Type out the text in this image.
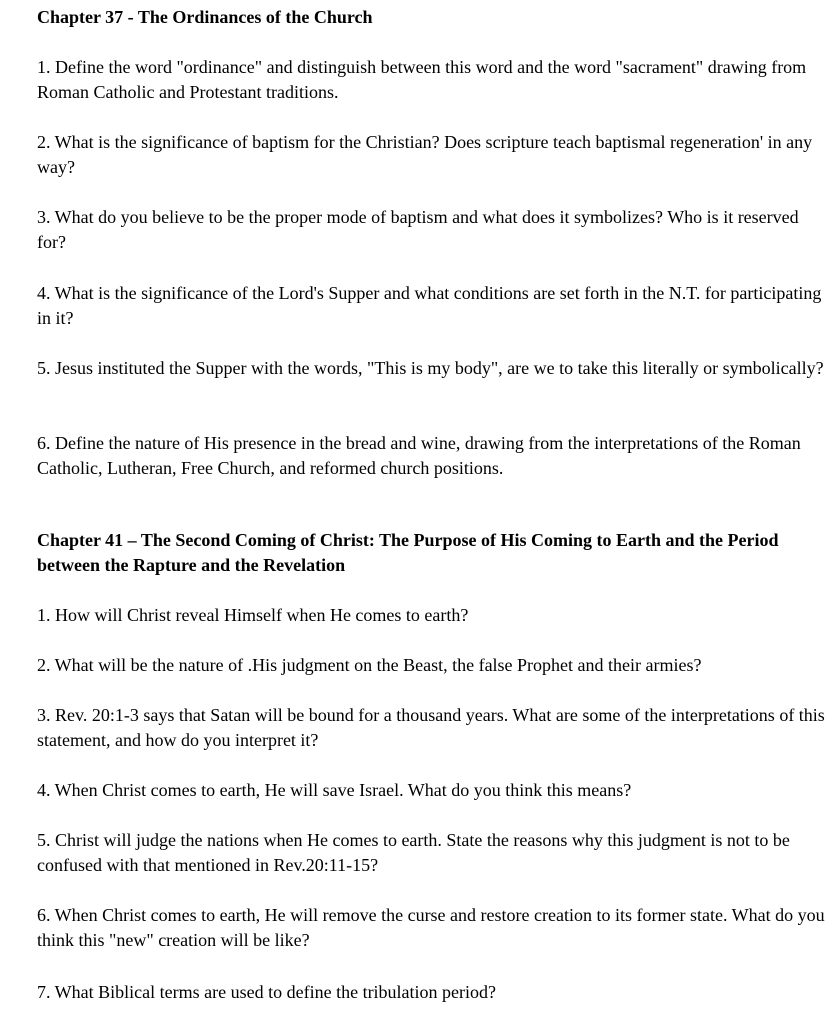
Chapter 37 - The Ordinances of the Church

1. Define the word "ordinance" and distinguish between this word and the word "sacrament" drawing from Roman Catholic and Protestant traditions.

2. What is the significance of baptism for the Christian? Does scripture teach baptismal regeneration' in any way?

3. What do you believe to be the proper mode of baptism and what does it symbolizes? Who is it reserved for?

4. What is the significance of the Lord's Supper and what conditions are set forth in the N.T. for participating in it?

5. Jesus instituted the Supper with the words, "This is my body", are we to take this literally or symbolically?

6. Define the nature of His presence in the bread and wine, drawing from the interpretations of the Roman Catholic, Lutheran, Free Church, and reformed church positions.

Chapter 41 – The Second Coming of Christ: The Purpose of His Coming to Earth and the Period between the Rapture and the Revelation

1. How will Christ reveal Himself when He comes to earth?

2. What will be the nature of .His judgment on the Beast, the false Prophet and their armies?

3. Rev. 20:1-3 says that Satan will be bound for a thousand years. What are some of the interpretations of this statement, and how do you interpret it?

4. When Christ comes to earth, He will save Israel. What do you think this means?

5. Christ will judge the nations when He comes to earth. State the reasons why this judgment is not to be confused with that mentioned in Rev.20:11-15?

6. When Christ comes to earth, He will remove the curse and restore creation to its former state. What do you think this "new" creation will be like?

7. What Biblical terms are used to define the tribulation period?
